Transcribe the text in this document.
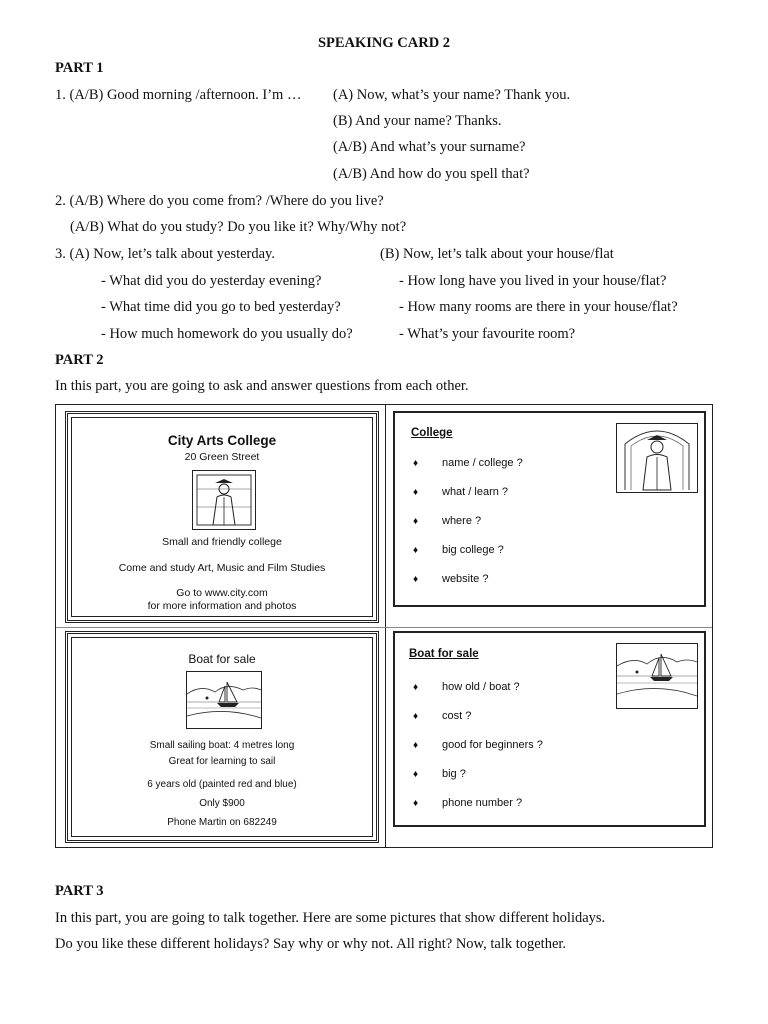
SPEAKING CARD 2
PART 1
1. (A/B) Good morning /afternoon. I’m … (A) Now, what’s your name? Thank you.
(B) And your name? Thanks.
(A/B) And what’s your surname?
(A/B) And how do you spell that?
2. (A/B) Where do you come from? /Where do you live?
(A/B) What do you study? Do you like it? Why/Why not?
3. (A) Now, let’s talk about yesterday.	(B) Now, let’s talk about your house/flat
- What did you do yesterday evening?
- What time did you go to bed yesterday?
- How much homework do you usually do?
- How long have you lived in your house/flat?
- How many rooms are there in your house/flat?
- What’s your favourite room?
PART 2
In this part, you are going to ask and answer questions from each other.
City Arts College
20 Green Street
Small and friendly college
Come and study Art, Music and Film Studies
Go to www.city.com
for more information and photos
College
♦ name / college ?
♦ what / learn ?
♦ where ?
♦ big college ?
♦ website ?
Boat for sale
Small sailing boat: 4 metres long
Great for learning to sail
6 years old (painted red and blue)
Only $900
Phone Martin on 682249
Boat for sale
♦ how old / boat ?
♦ cost ?
♦ good for beginners ?
♦ big ?
♦ phone number ?
PART 3
In this part, you are going to talk together. Here are some pictures that show different holidays.
Do you like these different holidays? Say why or why not. All right? Now, talk together.
